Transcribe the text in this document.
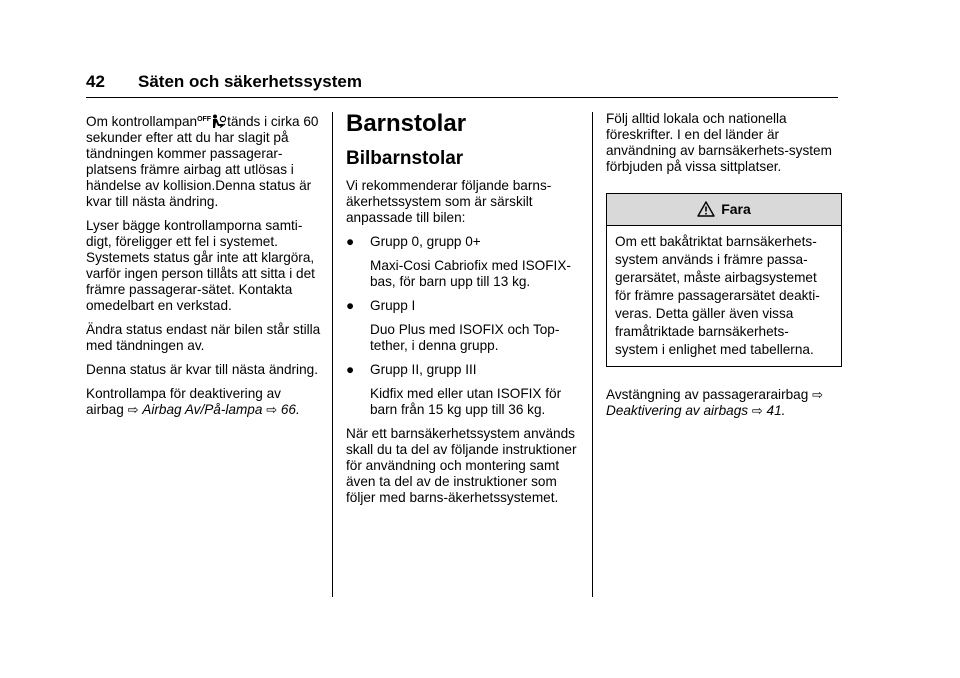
42 Säten och säkerhetssystem

Om kontrollampan OFF tänds i cirka 60 sekunder efter att du har slagit på tändningen kommer passagerar-platsens främre airbag att utlösas i händelse av kollision.Denna status är kvar till nästa ändring.

Lyser bägge kontrollamporna samti-digt, föreligger ett fel i systemet. Systemets status går inte att klargöra, varför ingen person tillåts att sitta i det främre passagerar-sätet. Kontakta omedelbart en verkstad.

Ändra status endast när bilen står stilla med tändningen av.

Denna status är kvar till nästa ändring.

Kontrollampa för deaktivering av
airbag ⇨ Airbag Av/På-lampa ⇨ 66.

Barnstolar
Bilbarnstolar

Vi rekommenderar följande barns-äkerhetssystem som är särskilt anpassade till bilen:

● Grupp 0, grupp 0+

Maxi-Cosi Cabriofix med ISOFIX-bas, för barn upp till 13 kg.

● Grupp I

Duo Plus med ISOFIX och Top-tether, i denna grupp.

● Grupp II, grupp III

Kidfix med eller utan ISOFIX för barn från 15 kg upp till 36 kg.

När ett barnsäkerhetssystem används skall du ta del av följande instruktioner för användning och montering samt även ta del av de instruktioner som följer med barns-äkerhetssystemet.

Följ alltid lokala och nationella föreskrifter. I en del länder är användning av barnsäkerhets-system förbjuden på vissa sittplatser.

Fara
Om ett bakåtriktat barnsäkerhets-system används i främre passa-gerarsätet, måste airbagsystemet för främre passagerarsätet deakti-veras. Detta gäller även vissa framåtriktade barnsäkerhets-system i enlighet med tabellerna.

Avstängning av passagerarairbag ⇨
Deaktivering av airbags ⇨ 41.
